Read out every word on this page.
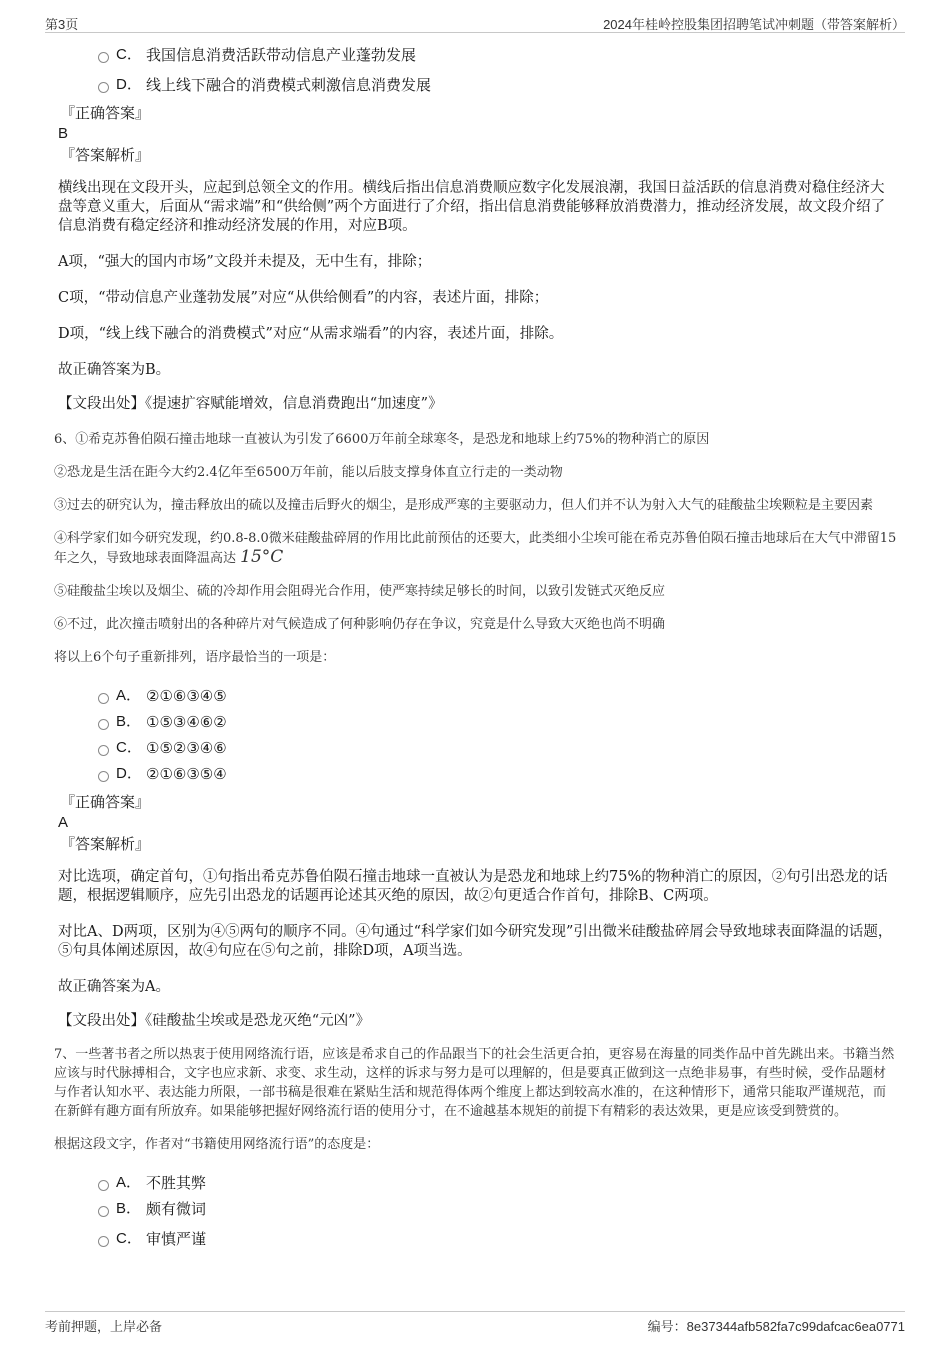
第3页	2024年桂岭控股集团招聘笔试冲刺题（带答案解析）
C． 我国信息消费活跃带动信息产业蓬勃发展
D． 线上线下融合的消费模式刺激信息消费发展
『正确答案』
B
『答案解析』

横线出现在文段开头，应起到总领全文的作用。横线后指出信息消费顺应数字化发展浪潮，我国日益活跃的信息消费对稳住经济大盘等意义重大，后面从“需求端”和“供给侧”两个方面进行了介绍，指出信息消费能够释放消费潜力，推动经济发展，故文段介绍了信息消费有稳定经济和推动经济发展的作用，对应B项。

A项，“强大的国内市场”文段并未提及，无中生有，排除；

C项，“带动信息产业蓬勃发展”对应“从供给侧看”的内容，表述片面，排除；

D项，“线上线下融合的消费模式”对应“从需求端看”的内容，表述片面，排除。

故正确答案为B。

【文段出处】《提速扩容赋能增效，信息消费跑出“加速度”》

6、①希克苏鲁伯陨石撞击地球一直被认为引发了6600万年前全球寒冬，是恐龙和地球上约75%的物种消亡的原因

②恐龙是生活在距今大约2.4亿年至6500万年前，能以后肢支撑身体直立行走的一类动物

③过去的研究认为，撞击释放出的硫以及撞击后野火的烟尘，是形成严寒的主要驱动力，但人们并不认为射入大气的硅酸盐尘埃颗粒是主要因素

④科学家们如今研究发现，约0.8-8.0微米硅酸盐碎屑的作用比此前预估的还要大，此类细小尘埃可能在希克苏鲁伯陨石撞击地球后在大气中滞留15年之久，导致地球表面降温高达 15°C

⑤硅酸盐尘埃以及烟尘、硫的冷却作用会阻碍光合作用，使严寒持续足够长的时间，以致引发链式灭绝反应

⑥不过，此次撞击喷射出的各种碎片对气候造成了何种影响仍存在争议，究竟是什么导致大灭绝也尚不明确

将以上6个句子重新排列，语序最恰当的一项是：

A． ②①⑥③④⑤
B． ①⑤③④⑥②
C． ①⑤②③④⑥
D． ②①⑥③⑤④
『正确答案』
A
『答案解析』

对比选项，确定首句，①句指出希克苏鲁伯陨石撞击地球一直被认为是恐龙和地球上约75%的物种消亡的原因，②句引出恐龙的话题，根据逻辑顺序，应先引出恐龙的话题再论述其灭绝的原因，故②句更适合作首句，排除B、C两项。

对比A、D两项，区别为④⑤两句的顺序不同。④句通过“科学家们如今研究发现”引出微米硅酸盐碎屑会导致地球表面降温的话题，⑤句具体阐述原因，故④句应在⑤句之前，排除D项，A项当选。

故正确答案为A。

【文段出处】《硅酸盐尘埃或是恐龙灭绝“元凶”》

7、一些著书者之所以热衷于使用网络流行语，应该是希求自己的作品跟当下的社会生活更合拍，更容易在海量的同类作品中首先跳出来。书籍当然应该与时代脉搏相合，文字也应求新、求变、求生动，这样的诉求与努力是可以理解的，但是要真正做到这一点绝非易事，有些时候，受作品题材与作者认知水平、表达能力所限，一部书稿是很难在紧贴生活和规范得体两个维度上都达到较高水准的，在这种情形下，通常只能取严谨规范，而在新鲜有趣方面有所放弃。如果能够把握好网络流行语的使用分寸，在不逾越基本规矩的前提下有精彩的表达效果，更是应该受到赞赏的。

根据这段文字，作者对“书籍使用网络流行语”的态度是：

A． 不胜其弊
B． 颇有微词
C． 审慎严谨
考前押题，上岸必备	编号：8e37344afb582fa7c99dafcac6ea0771
